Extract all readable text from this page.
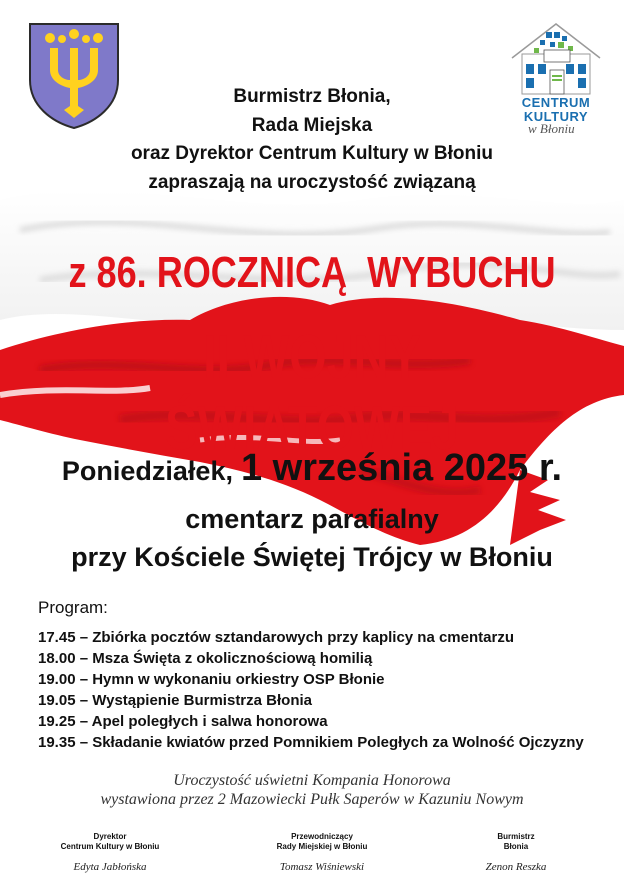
CENTRUM
KULTURY
w Błoniu
Burmistrz Błonia,
Rada Miejska
oraz Dyrektor Centrum Kultury w Błoniu
zapraszają na uroczystość związaną
z 86. ROCZNICĄ  WYBUCHU
II WOJNY ŚWIATOWEJ
Poniedziałek, 1 września 2025 r.
cmentarz parafialny
przy Kościele Świętej Trójcy w Błoniu
Program:
17.45 – Zbiórka pocztów sztandarowych przy kaplicy na cmentarzu
18.00 – Msza Święta z okolicznościową homilią
19.00 – Hymn w wykonaniu orkiestry OSP Błonie
19.05 – Wystąpienie Burmistrza Błonia
19.25 – Apel poległych i salwa honorowa
19.35 – Składanie kwiatów przed Pomnikiem Poległych za Wolność Ojczyzny
Uroczystość uświetni Kompania Honorowa
wystawiona przez 2 Mazowiecki Pułk Saperów w Kazuniu Nowym
Dyrektor
Centrum Kultury w Błoniu
Edyta Jabłońska
Przewodniczący
Rady Miejskiej w Błoniu
Tomasz Wiśniewski
Burmistrz
Błonia
Zenon Reszka
